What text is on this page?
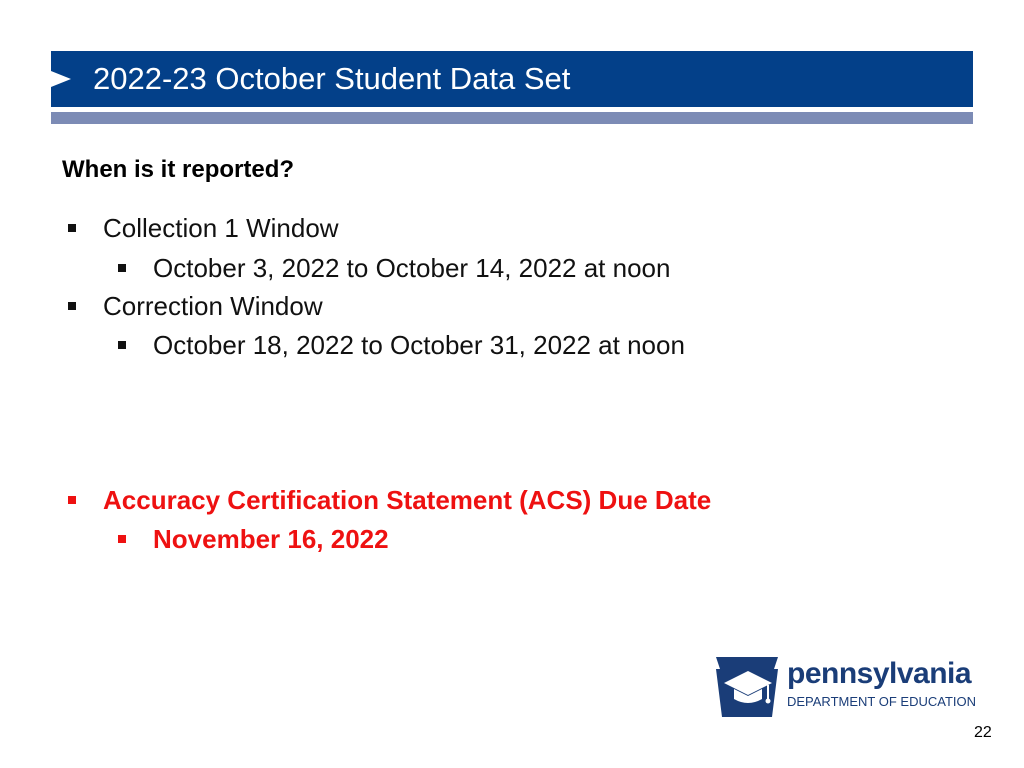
2022-23 October Student Data Set
When is it reported?
Collection 1 Window
October 3, 2022 to October 14, 2022 at noon
Correction Window
October 18, 2022 to October 31, 2022 at noon
Accuracy Certification Statement (ACS) Due Date
November 16, 2022
pennsylvania
DEPARTMENT OF EDUCATION
22
